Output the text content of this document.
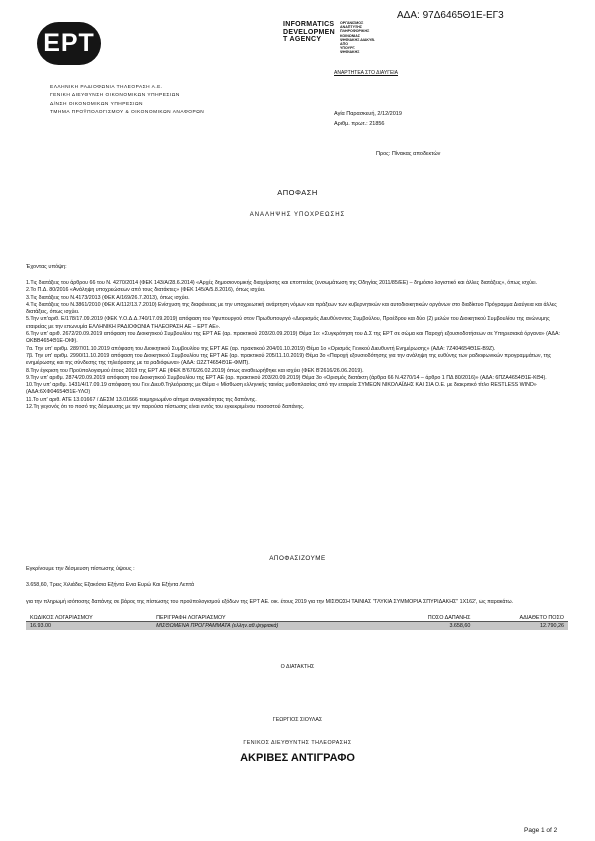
ΕΡΤ
ΑΔΑ: 97Δ6465Θ1Ε-ΕΓ3
INFORMATICS
DEVELOPMEN
T AGENCY
ΟΡΓΑΝΙΣΜΟΣ
ΑΝΑΠΤΥΞΗΣ
ΠΛΗΡΟΦΟΡΙΚΗΣ
ΚΟΙΝΩΝΙΑΣ
ΨΗΦΙΑΚΗΣ ΔΙΑΚΥΒ.
ΑΠΟ
ΥΠΟΥΡΓ.
ΨΗΦΙΑΚΗΣ
ΑΝΑΡΤΗΤΕΑ ΣΤΟ ΔΙΑΥΓΕΙΑ
ΕΛΛΗΝΙΚΗ ΡΑΔΙΟΦΩΝΙΑ ΤΗΛΕΟΡΑΣΗ Α.Ε.
ΓΕΝΙΚΗ ΔΙΕΥΘΥΝΣΗ ΟΙΚΟΝΟΜΙΚΩΝ ΥΠΗΡΕΣΙΩΝ
Δ/ΝΣΗ ΟΙΚΟΝΟΜΙΚΩΝ ΥΠΗΡΕΣΙΩΝ
ΤΜΗΜΑ ΠΡΟΫΠΟΛΟΓΙΣΜΟΥ & ΟΙΚΟΝΟΜΙΚΩΝ ΑΝΑΦΟΡΩΝ	Αγία Παρασκευή, 2/12/2019
Αριθμ. πρωτ.: 21856
Προς: Πίνακας αποδεκτών
ΑΠΟΦΑΣΗ
ΑΝΑΛΗΨΗΣ ΥΠΟΧΡΕΩΣΗΣ
Έχοντας υπόψη:

1.Τις διατάξεις του άρθρου 66 του Ν. 4270/2014 (ΦΕΚ 143/Α/28.6.2014) «Αρχές δημοσιονομικής διαχείρισης και εποπτείας (ενσωμάτωση της Οδηγίας 2011/85/ΕΕ) – δημόσιο λογιστικό και άλλες διατάξεις», όπως ισχύει.

2.Το Π.Δ. 80/2016 «Ανάληψη υποχρεώσεων από τους διατάκτες» (ΦΕΚ 145/Α/5.8.2016), όπως ισχύει.

3.Τις διατάξεις του Ν.4173/2013 (ΦΕΚ Α/169/26.7.2013), όπως ισχύει.

4.Τις διατάξεις του Ν.3861/2010 (ΦΕΚ Α/112/13.7.2010) Ενίσχυση της διαφάνειας με την υποχρεωτική ανάρτηση νόμων και πράξεων των κυβερνητικών και αυτοδιοικητικών οργάνων στο διαδίκτυο Πρόγραμμα Διαύγεια και άλλες διατάξεις, όπως ισχύει.

5.Την υπ'αριθ. Ε/178/17.09.2019 (ΦΕΚ Υ.Ο.Δ.Δ.740/17.09.2019) απόφαση του Υφυπουργού στον Πρωθυπουργό «Διορισμός Διευθύνοντος Συμβούλου, Προέδρου και δύο (2) μελών του Διοικητικού Συμβουλίου της ανώνυμης εταιρείας με την επωνυμία ΕΛΛΗΝΙΚΗ ΡΑΔΙΟΦΩΝΙΑ ΤΗΛΕΟΡΑΣΗ ΑΕ – ΕΡΤ ΑΕ».

6.Την υπ' αριθ. 2672/20.09.2019 απόφαση του Διοικητικού Συμβουλίου της ΕΡΤ ΑΕ (αρ. πρακτικού 203/20.09.2019) Θέμα 1ο: «Συγκρότηση του Δ.Σ της ΕΡΤ σε σώμα και Παροχή εξουσιοδοτήσεων σε Υπηρεσιακά όργανα» (ΑΔΑ: ΩΚΒΒ4654Θ1Ε-ΟΙΦ).

7α. Την υπ' αριθμ. 2897/01.10.2019 απόφαση του Διοικητικού Συμβουλίου της ΕΡΤ ΑΕ (αρ. πρακτικού 204/01.10.2019) Θέμα 1ο «Ορισμός Γενικού Διευθυντή Ενημέρωσης» (ΑΔΑ: 7Ζ404654Θ1Ε-Β9Ζ).

7β. Την υπ' αριθμ. 2990/11.10.2019 απόφαση του Διοικητικού Συμβουλίου της ΕΡΤ ΑΕ (αρ. πρακτικού 205/11.10.2019) Θέμα 3ο «Παροχή εξουσιοδότησης για την ανάληψη της ευθύνης των ραδιοφωνικών προγραμμάτων, της ενημέρωσης και της σύνδεσης της τηλεόρασης με τα ραδιόφωνα» (ΑΔΑ: Ω2ΖΤ4654Θ1Ε-ΦΜΠ).

8.Την έγκριση του Προϋπολογισμού έτους 2019 της ΕΡΤ ΑΕ (ΦΕΚ Β'676/26.02.2019) όπως αναθεωρήθηκε και ισχύει (ΦΕΚ Β'2616/26.06.2019).

9.Την υπ' αριθμ. 2874/20.09.2019 απόφαση του Διοικητικού Συμβουλίου της ΕΡΤ ΑΕ (αρ. πρακτικού 203/20.09.2019) Θέμα 3ο «Ορισμός διατάκτη (άρθρα 66 Ν.4270/14 – άρθρο 1 ΠΔ 80/2016)» (ΑΔΑ: 6ΠΖΑ4654Θ1Ε-ΚΘ4).

10.Την υπ' αριθμ. 1431/4/17.09.19 απόφαση του Γεν.Διευθ.Τηλεόρασης με Θέμα « Μίσθωση ελληνικής ταινίας μυθοπλασίας από την εταιρεία ΣΥΜΕΩΝ ΝΙΚΟΛΑΪΔΗΣ ΚΑΙ ΣΙΑ Ο.Ε. με διακριτικό τίτλο RESTLESS WIND» (ΑΔΑ:6ΧΦ04654Θ1Ε-ΥΛΟ)

11.Το υπ' αριθ. ΑΤΕ 13.01667 / ΔΕΣΜ 13.01666 τεκμηριωμένο αίτημα αναγκαιότητας της δαπάνης.

12.Τη γεγονός ότι το ποσό της δέσμευσης με την παρούσα πίστωσης είναι εντός του εγκεκριμένου ποσοστού δαπάνης.

ΑΠΟΦΑΣΙΖΟΥΜΕ
Εγκρίνουμε την δέσμευση πίστωσης ύψους :
3.658,60, Τρεις Χιλιάδες Εξακόσια Εξήντα Ενια Ευρώ Και Εξήντα Λεπτά
για την πληρωμή ισόποσης δαπάνης σε βάρος της πίστωσης του προϋπολογισμού εξόδων της ΕΡΤ ΑΕ. οικ. έτους 2019 για την ΜΙΣΘΩΣΗ ΤΑΙΝΙΑΣ "ΓΛΥΚΙΑ ΣΥΜΜΟΡΙΑ ΣΠΥΡΙΔΑΚΗΣ" 1Χ162', ως παρακάτω.
ΚΩΔΙΚΟΣ ΛΟΓΑΡΙΑΣΜΟΥ	ΠΕΡΙΓΡΑΦΗ ΛΟΓΑΡΙΑΣΜΟΥ	ΠΟΣΟ ΔΑΠΑΝΗΣ	ΑΔΙΑΘΕΤΟ ΠΟΣΟ
16.93.00	ΜΙΣΘΩΜΕΝΑ ΠΡΟΓΡΑΜΜΑΤΑ (ελλην.αθ.ψηφιακά)	3.658,60	12.790,26
Ο ΔΙΑΤΑΚΤΗΣ
ΓΕΩΡΓΙΟΣ ΣΙΟΥΛΑΣ
ΓΕΝΙΚΟΣ ΔΙΕΥΘΥΝΤΗΣ ΤΗΛΕΟΡΑΣΗΣ
ΑΚΡΙΒΕΣ ΑΝΤΙΓΡΑΦΟ
Page 1 of 2
